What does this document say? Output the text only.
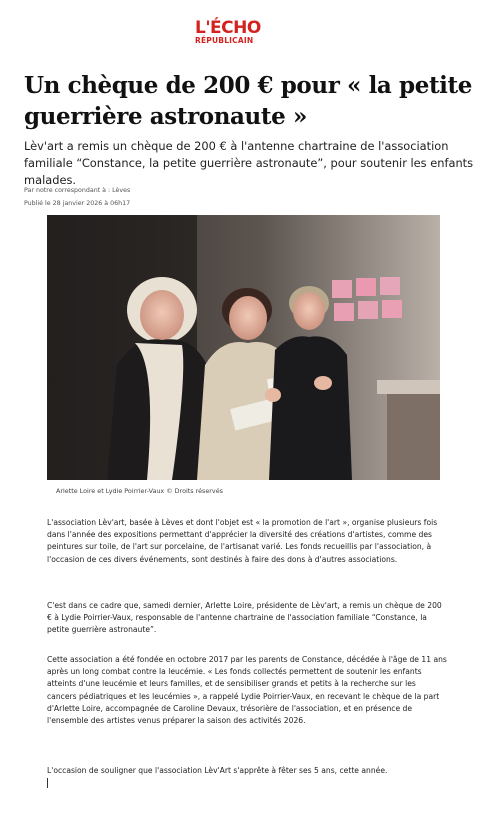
L'ÉCHO
RÉPUBLICAIN
Un chèque de 200 € pour « la petite guerrière astronaute »

Lèv'art a remis un chèque de 200 € à l'antenne chartraine de l'association familiale “Constance, la petite guerrière astronaute”, pour soutenir les enfants malades.

Par notre correspondant à : Lèves

Publié le 28 janvier 2026 à 06h17

Arlette Loire et Lydie Poirrier-Vaux © Droits réservés

L'association Lèv'art, basée à Lèves et dont l'objet est « la promotion de l'art », organise plusieurs fois dans l'année des expositions permettant d'apprécier la diversité des créations d'artistes, comme des peintures sur toile, de l'art sur porcelaine, de l'artisanat varié. Les fonds recueillis par l'association, à l'occasion de ces divers événements, sont destinés à faire des dons à d'autres associations.

C'est dans ce cadre que, samedi dernier, Arlette Loire, présidente de Lèv'art, a remis un chèque de 200 € à Lydie Poirrier-Vaux, responsable de l'antenne chartraine de l'association familiale “Constance, la petite guerrière astronaute”.

Cette association a été fondée en octobre 2017 par les parents de Constance, décédée à l'âge de 11 ans après un long combat contre la leucémie. « Les fonds collectés permettent de soutenir les enfants atteints d'une leucémie et leurs familles, et de sensibiliser grands et petits à la recherche sur les cancers pédiatriques et les leucémies », a rappelé Lydie Poirrier-Vaux, en recevant le chèque de la part d'Arlette Loire, accompagnée de Caroline Devaux, trésorière de l'association, et en présence de l'ensemble des artistes venus préparer la saison des activités 2026.

L'occasion de souligner que l'association Lèv'Art s'apprête à fêter ses 5 ans, cette année.
